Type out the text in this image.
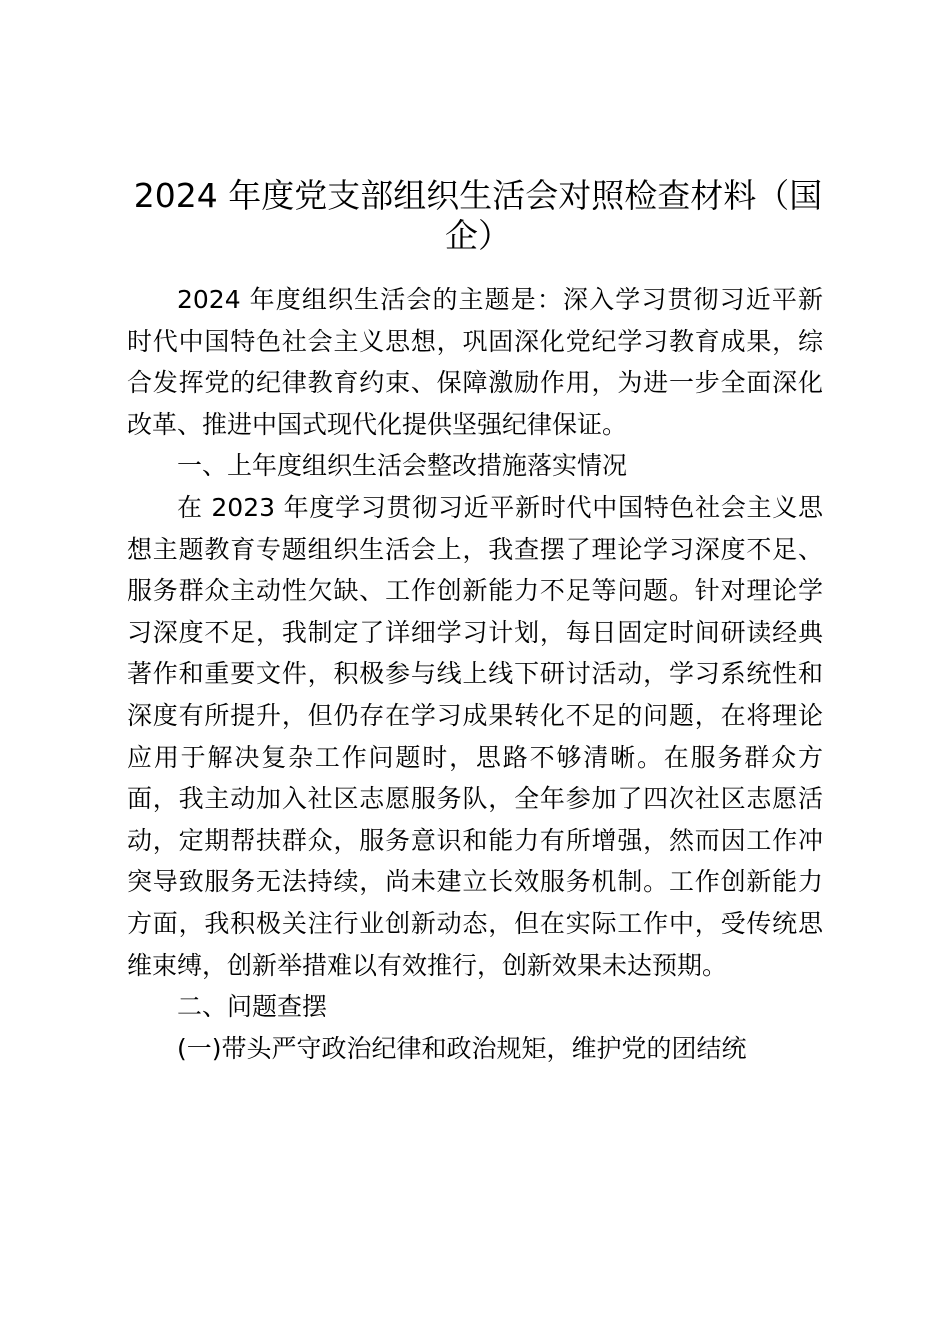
2024 年度党支部组织生活会对照检查材料（国企）

2024 年度组织生活会的主题是：深入学习贯彻习近平新时代中国特色社会主义思想，巩固深化党纪学习教育成果，综合发挥党的纪律教育约束、保障激励作用，为进一步全面深化改革、推进中国式现代化提供坚强纪律保证。

一、上年度组织生活会整改措施落实情况

在 2023 年度学习贯彻习近平新时代中国特色社会主义思想主题教育专题组织生活会上，我查摆了理论学习深度不足、服务群众主动性欠缺、工作创新能力不足等问题。针对理论学习深度不足，我制定了详细学习计划，每日固定时间研读经典著作和重要文件，积极参与线上线下研讨活动，学习系统性和深度有所提升，但仍存在学习成果转化不足的问题，在将理论应用于解决复杂工作问题时，思路不够清晰。在服务群众方面，我主动加入社区志愿服务队，全年参加了四次社区志愿活动，定期帮扶群众，服务意识和能力有所增强，然而因工作冲突导致服务无法持续，尚未建立长效服务机制。工作创新能力方面，我积极关注行业创新动态，但在实际工作中，受传统思维束缚，创新举措难以有效推行，创新效果未达预期。

二、问题查摆

(一)带头严守政治纪律和政治规矩，维护党的团结统
